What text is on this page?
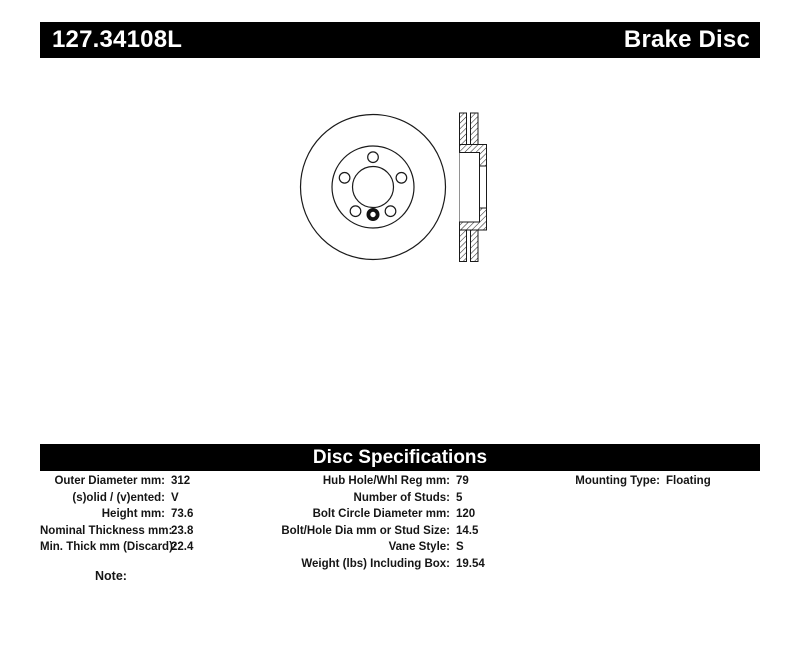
127.34108L	Brake Disc
Disc Specifications
Outer Diameter mm: 312
(s)olid / (v)ented: V
Height mm: 73.6
Nominal Thickness mm:
23.8
Min. Thick mm (Discard):
22.4
Hub Hole/Whl Reg mm: 79
Number of Studs: 5
Bolt Circle Diameter mm: 120
Bolt/Hole Dia mm or Stud Size: 14.5
Vane Style: S
Weight (lbs) Including Box: 19.54
Mounting Type: Floating
Note:
